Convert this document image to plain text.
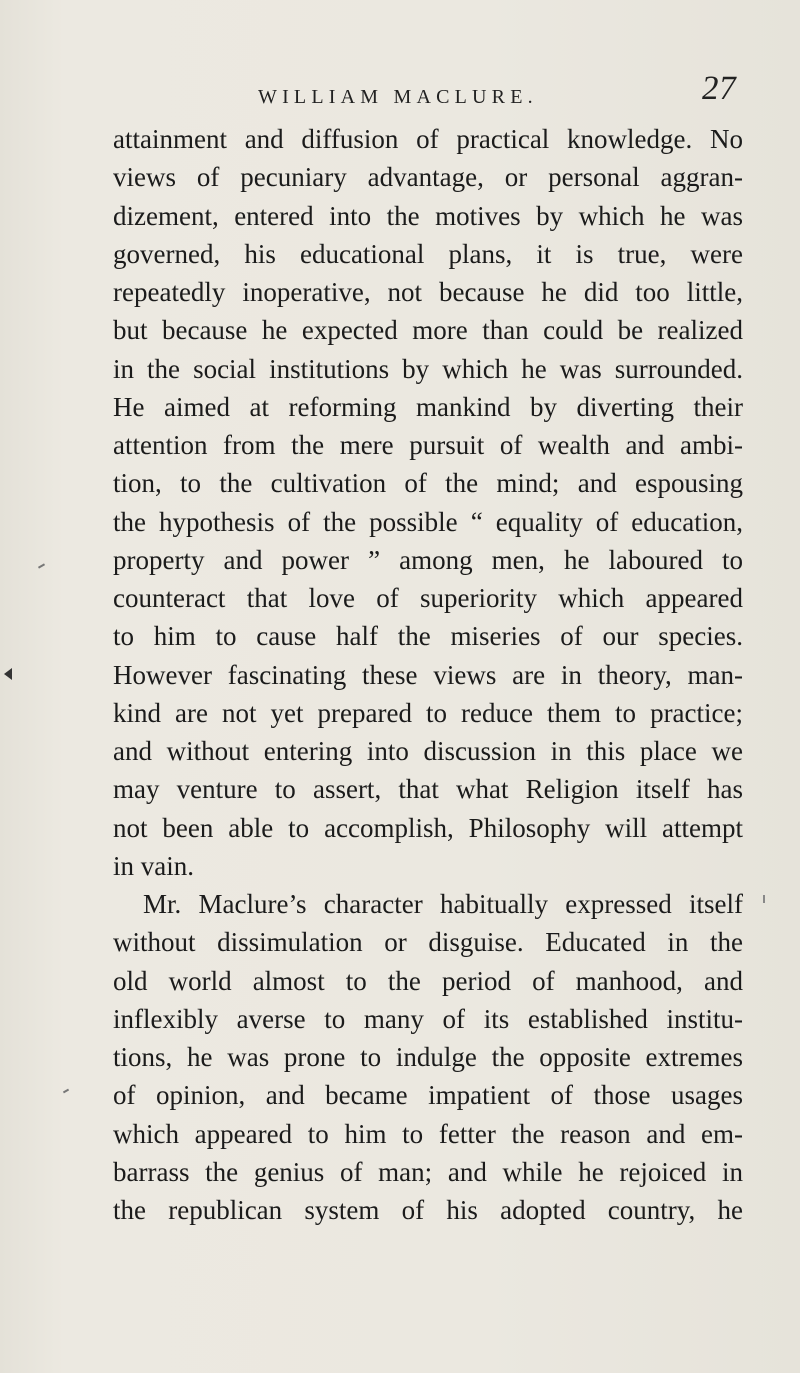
WILLIAM MACLURE.	27
attainment and diffusion of practical knowledge. No
views of pecuniary advantage, or personal aggran-
dizement, entered into the motives by which he was
governed, his educational plans, it is true, were
repeatedly inoperative, not because he did too little,
but because he expected more than could be realized
in the social institutions by which he was surrounded.
He aimed at reforming mankind by diverting their
attention from the mere pursuit of wealth and ambi-
tion, to the cultivation of the mind; and espousing
the hypothesis of the possible “ equality of education,
property and power ” among men, he laboured to
counteract that love of superiority which appeared
to him to cause half the miseries of our species.
However fascinating these views are in theory, man-
kind are not yet prepared to reduce them to practice;
and without entering into discussion in this place we
may venture to assert, that what Religion itself has
not been able to accomplish, Philosophy will attempt
in vain.
Mr. Maclure’s character habitually expressed itself
without dissimulation or disguise. Educated in the
old world almost to the period of manhood, and
inflexibly averse to many of its established institu-
tions, he was prone to indulge the opposite extremes
of opinion, and became impatient of those usages
which appeared to him to fetter the reason and em-
barrass the genius of man; and while he rejoiced in
the republican system of his adopted country, he
